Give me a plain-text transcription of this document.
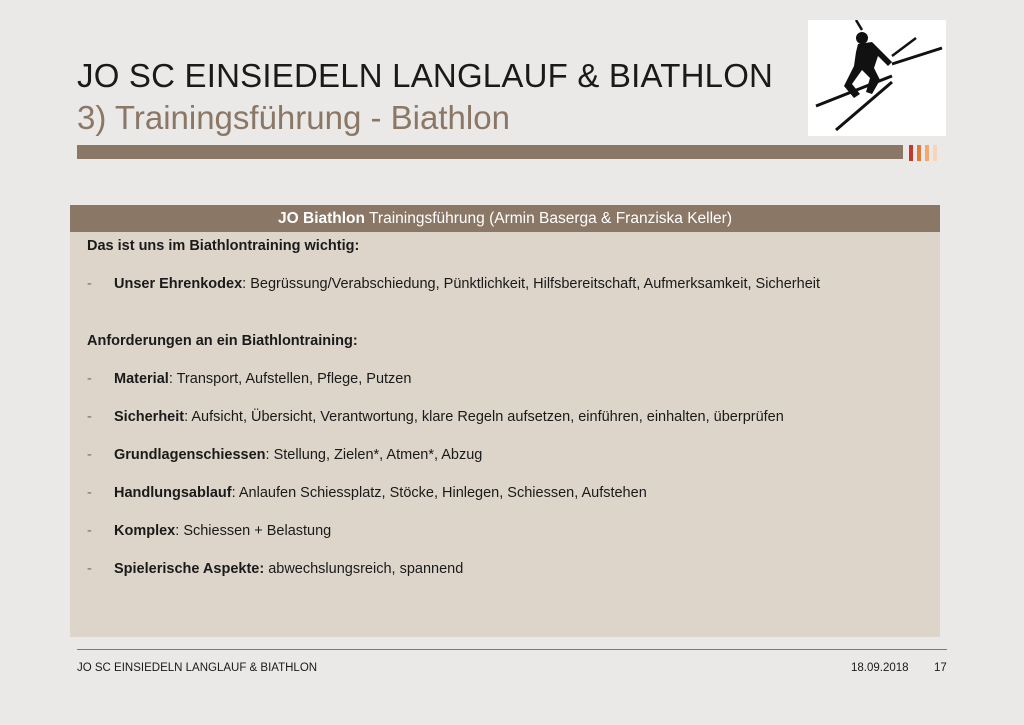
JO SC EINSIEDELN LANGLAUF & BIATHLON
3) Trainingsführung - Biathlon
JO Biathlon Trainingsführung (Armin Baserga & Franziska Keller)
Das ist uns im Biathlontraining wichtig:
- Unser Ehrenkodex: Begrüssung/Verabschiedung, Pünktlichkeit, Hilfsbereitschaft, Aufmerksamkeit, Sicherheit
Anforderungen an ein Biathlontraining:
- Material: Transport, Aufstellen, Pflege, Putzen
- Sicherheit: Aufsicht, Übersicht, Verantwortung, klare Regeln aufsetzen, einführen, einhalten, überprüfen
- Grundlagenschiessen: Stellung, Zielen*, Atmen*, Abzug
- Handlungsablauf: Anlaufen Schiessplatz, Stöcke, Hinlegen, Schiessen, Aufstehen
- Komplex: Schiessen + Belastung
- Spielerische Aspekte: abwechslungsreich, spannend
JO SC EINSIEDELN LANGLAUF & BIATHLON	18.09.2018 17
